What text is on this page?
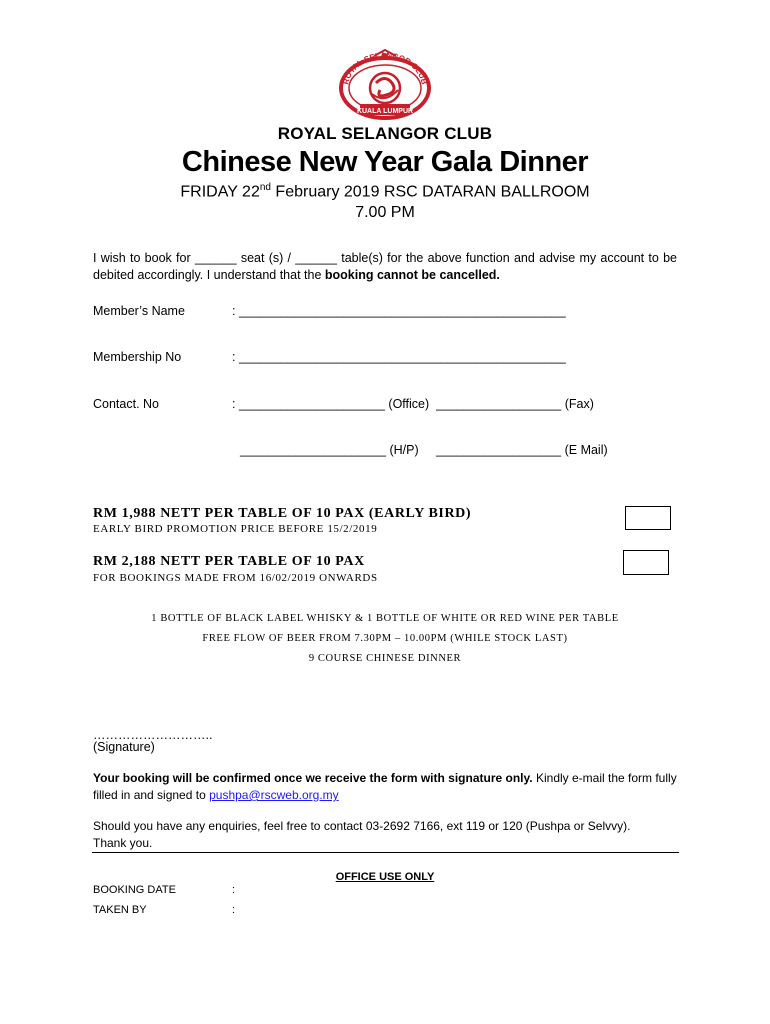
ROYAL SELANGOR CLUB
KUALA LUMPUR
ROYAL SELANGOR CLUB
Chinese New Year Gala Dinner
FRIDAY 22nd February 2019 RSC DATARAN BALLROOM
7.00 PM
I wish to book for ______ seat (s) / ______ table(s) for the above function and advise my account to be debited accordingly. I understand that the booking cannot be cancelled.
Member’s Name	: _______________________________________________
Membership No	: _______________________________________________
Contact. No	: _____________________ (Office)  __________________ (Fax)
_____________________ (H/P)     __________________ (E Mail)
RM 1,988 NETT PER TABLE OF 10 PAX (EARLY BIRD)
EARLY BIRD PROMOTION PRICE BEFORE 15/2/2019
RM 2,188 NETT PER TABLE OF 10 PAX
FOR BOOKINGS MADE FROM 16/02/2019 ONWARDS
1 BOTTLE OF BLACK LABEL WHISKY & 1 BOTTLE OF WHITE OR RED WINE PER TABLE
FREE FLOW OF BEER FROM 7.30PM – 10.00PM (WHILE STOCK LAST)
9 COURSE CHINESE DINNER
………………………..
(Signature)
Your booking will be confirmed once we receive the form with signature only. Kindly e-mail the form fully filled in and signed to pushpa@rscweb.org.my
Should you have any enquiries, feel free to contact 03-2692 7166, ext 119 or 120 (Pushpa or Selvvy).
Thank you.
OFFICE USE ONLY
BOOKING DATE	:
TAKEN BY	:
